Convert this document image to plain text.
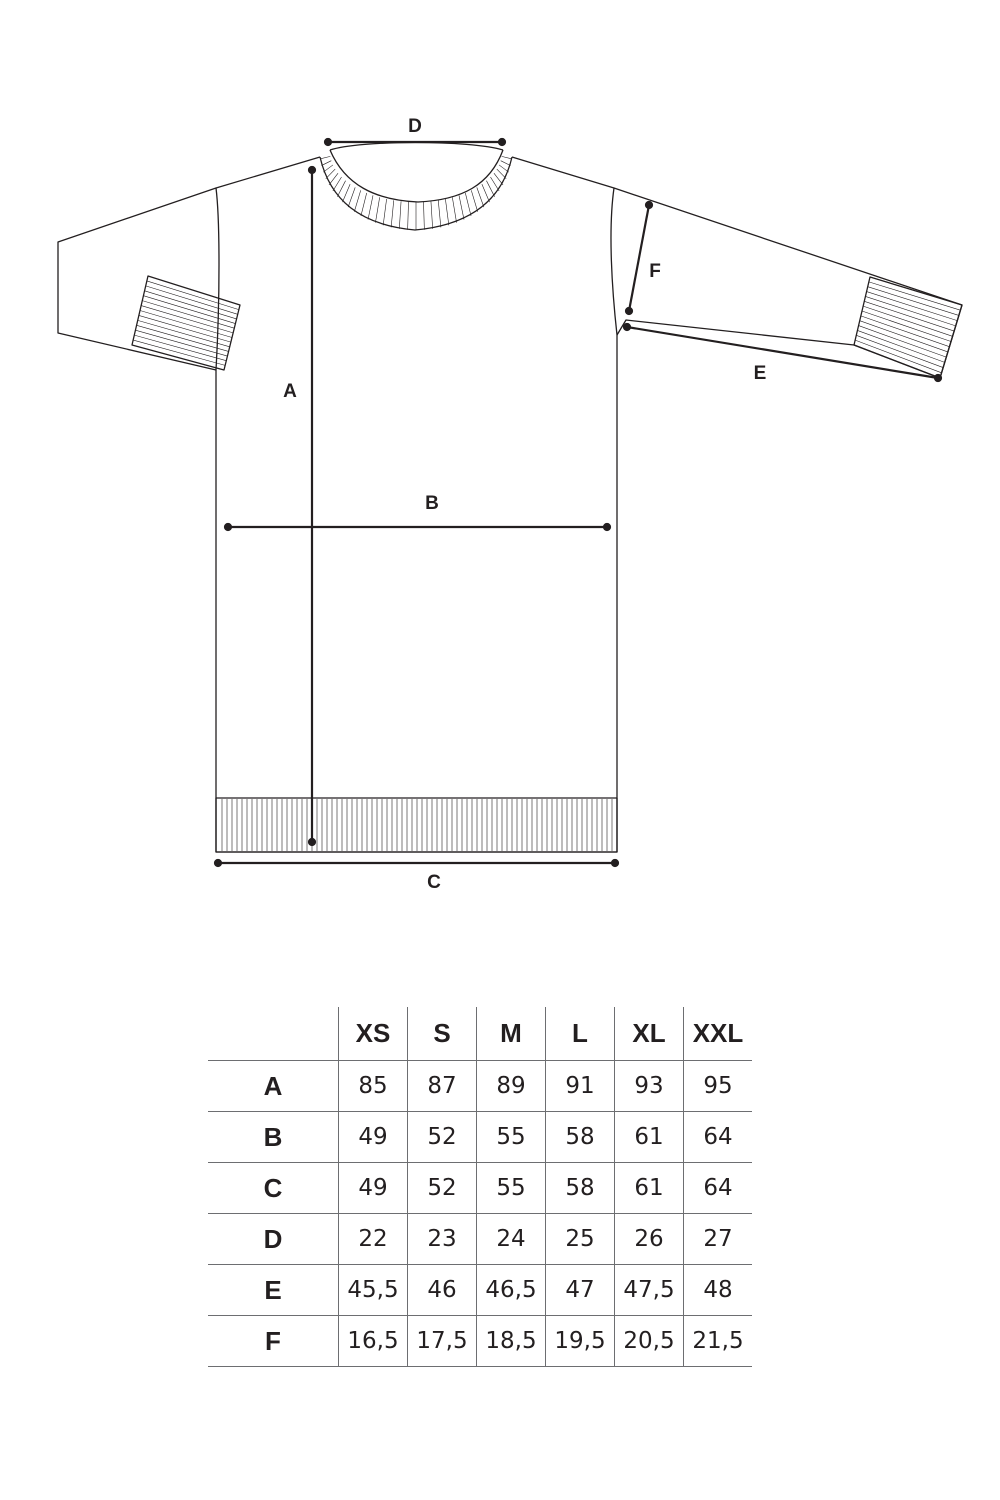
A
B
C
D
E
F
	XS	S	M	L	XL	XXL
A	85	87	89	91	93	95
B	49	52	55	58	61	64
C	49	52	55	58	61	64
D	22	23	24	25	26	27
E	45,5	46	46,5	47	47,5	48
F	16,5	17,5	18,5	19,5	20,5	21,5
